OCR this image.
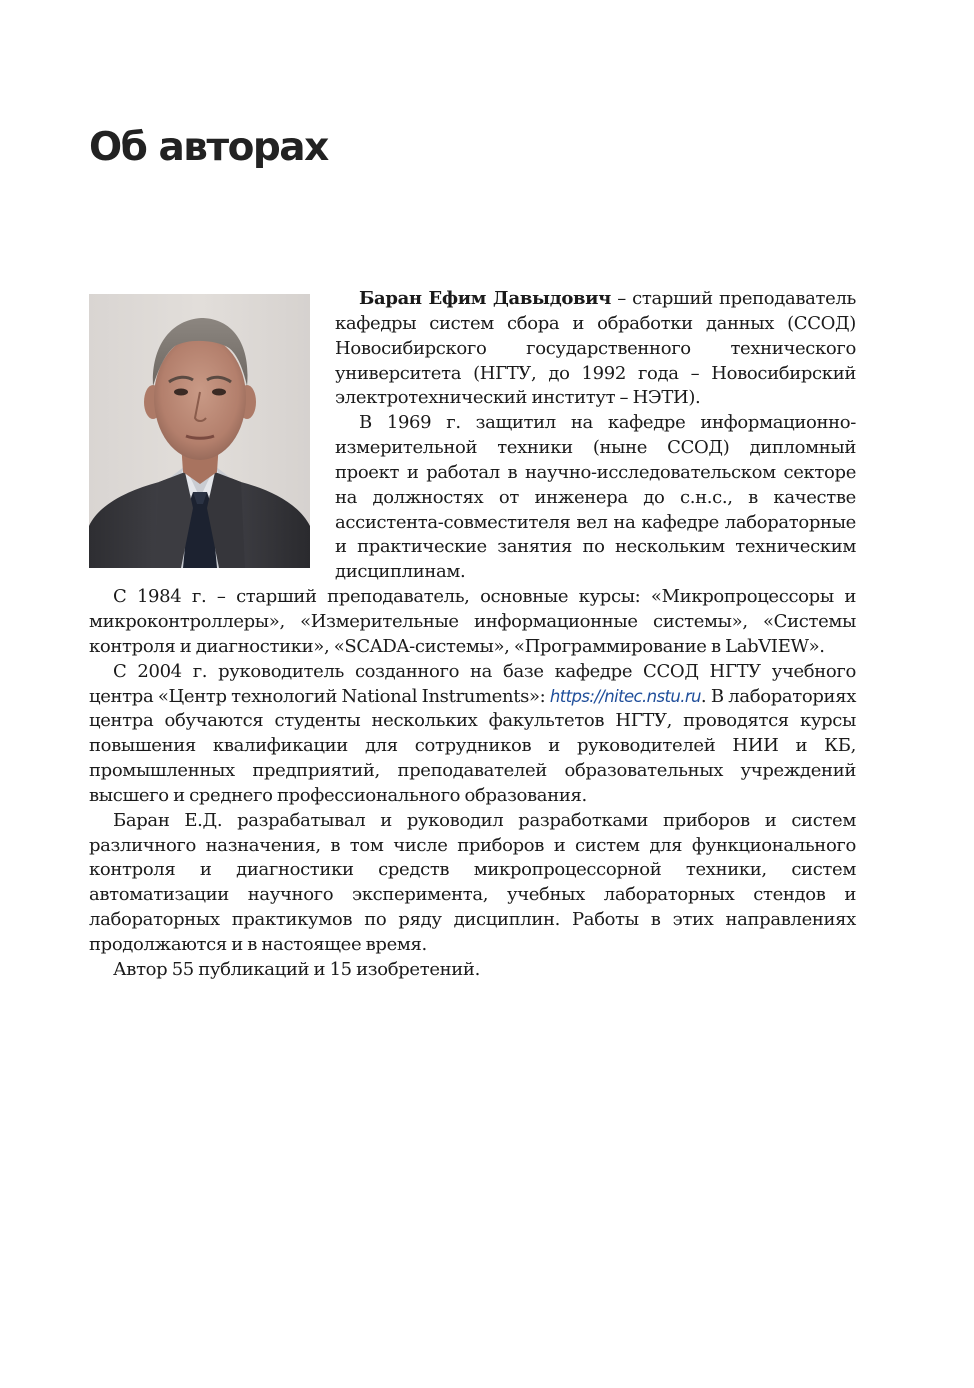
Об авторах

Баран Ефим Давыдович – старший преподаватель кафедры систем сбора и обработки данных (ССОД) Новосибирского государственного технического университета (НГТУ, до 1992 года – Новосибирский электротехнический институт – НЭТИ).

В 1969 г. защитил на кафедре информационно-измерительной техники (ныне ССОД) дипломный проект и работал в научно-исследовательском секторе на должностях от инженера до с.н.с., в качестве ассистента-совместителя вел на кафедре лабораторные и практические занятия по нескольким техническим дисциплинам.

С 1984 г. – старший преподаватель, основные курсы: «Микропроцессоры и микроконтроллеры», «Измерительные информационные системы», «Системы контроля и диагностики», «SCADA-системы», «Программирование в LabVIEW».

С 2004 г. руководитель созданного на базе кафедре ССОД НГТУ учебного центра «Центр технологий National Instruments»: https://nitec.nstu.ru. В лабораториях центра обучаются студенты нескольких факультетов НГТУ, проводятся курсы повышения квалификации для сотрудников и руководителей НИИ и КБ, промышленных предприятий, преподавателей образовательных учреждений высшего и среднего профессионального образования.

Баран Е.Д. разрабатывал и руководил разработками приборов и систем различного назначения, в том числе приборов и систем для функционального контроля и диагностики средств микропроцессорной техники, систем автоматизации научного эксперимента, учебных лабораторных стендов и лабораторных практикумов по ряду дисциплин. Работы в этих направлениях продолжаются и в настоящее время.

Автор 55 публикаций и 15 изобретений.
